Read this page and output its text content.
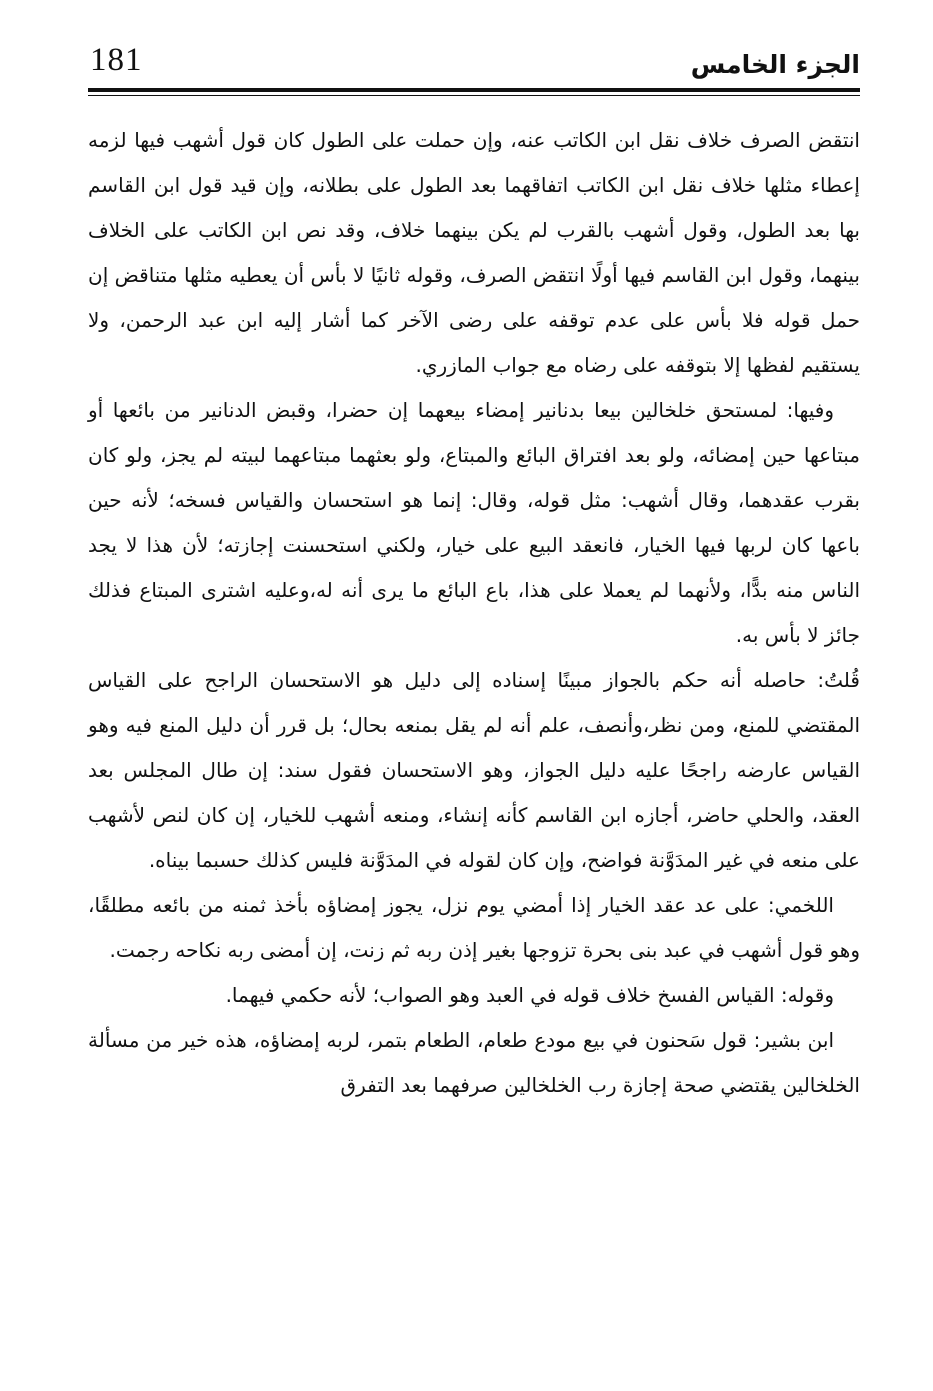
181	الجزء الخامس

انتقض الصرف خلاف نقل ابن الكاتب عنه، وإن حملت على الطول كان قول أشهب فيها لزمه إعطاء مثلها خلاف نقل ابن الكاتب اتفاقهما بعد الطول على بطلانه، وإن قيد قول ابن القاسم بها بعد الطول، وقول أشهب بالقرب لم يكن بينهما خلاف، وقد نص ابن الكاتب على الخلاف بينهما، وقول ابن القاسم فيها أولًا انتقض الصرف، وقوله ثانيًا لا بأس أن يعطيه مثلها متناقض إن حمل قوله فلا بأس على عدم توقفه على رضى الآخر كما أشار إليه ابن عبد الرحمن، ولا يستقيم لفظها إلا بتوقفه على رضاه مع جواب المازري.

وفيها: لمستحق خلخالين بيعا بدنانير إمضاء بيعهما إن حضرا، وقبض الدنانير من بائعها أو مبتاعها حين إمضائه، ولو بعد افتراق البائع والمبتاع، ولو بعثهما مبتاعهما لبيته لم يجز، ولو كان بقرب عقدهما، وقال أشهب: مثل قوله، وقال: إنما هو استحسان والقياس فسخه؛ لأنه حين باعها كان لربها فيها الخيار، فانعقد البيع على خيار، ولكني استحسنت إجازته؛ لأن هذا لا يجد الناس منه بدًّا، ولأنهما لم يعملا على هذا، باع البائع ما يرى أنه له،وعليه اشترى المبتاع فذلك جائز لا بأس به.

قُلتُ: حاصله أنه حكم بالجواز مبينًا إسناده إلى دليل هو الاستحسان الراجح على القياس المقتضي للمنع، ومن نظر،وأنصف، علم أنه لم يقل بمنعه بحال؛ بل قرر أن دليل المنع فيه وهو القياس عارضه راجحًا عليه دليل الجواز، وهو الاستحسان فقول سند: إن طال المجلس بعد العقد، والحلي حاضر، أجازه ابن القاسم كأنه إنشاء، ومنعه أشهب للخيار، إن كان لنص لأشهب على منعه في غير المدَوَّنة فواضح، وإن كان لقوله في المدَوَّنة فليس كذلك حسبما بيناه.

اللخمي: على عد عقد الخيار إذا أمضي يوم نزل، يجوز إمضاؤه بأخذ ثمنه من بائعه مطلقًا، وهو قول أشهب في عبد بنى بحرة تزوجها بغير إذن ربه ثم زنت، إن أمضى ربه نكاحه رجمت.

وقوله: القياس الفسخ خلاف قوله في العبد وهو الصواب؛ لأنه حكمي فيهما.

ابن بشير: قول سَحنون في بيع مودع طعام، الطعام بتمر، لربه إمضاؤه، هذه خير من مسألة الخلخالين يقتضي صحة إجازة رب الخلخالين صرفهما بعد التفرق
